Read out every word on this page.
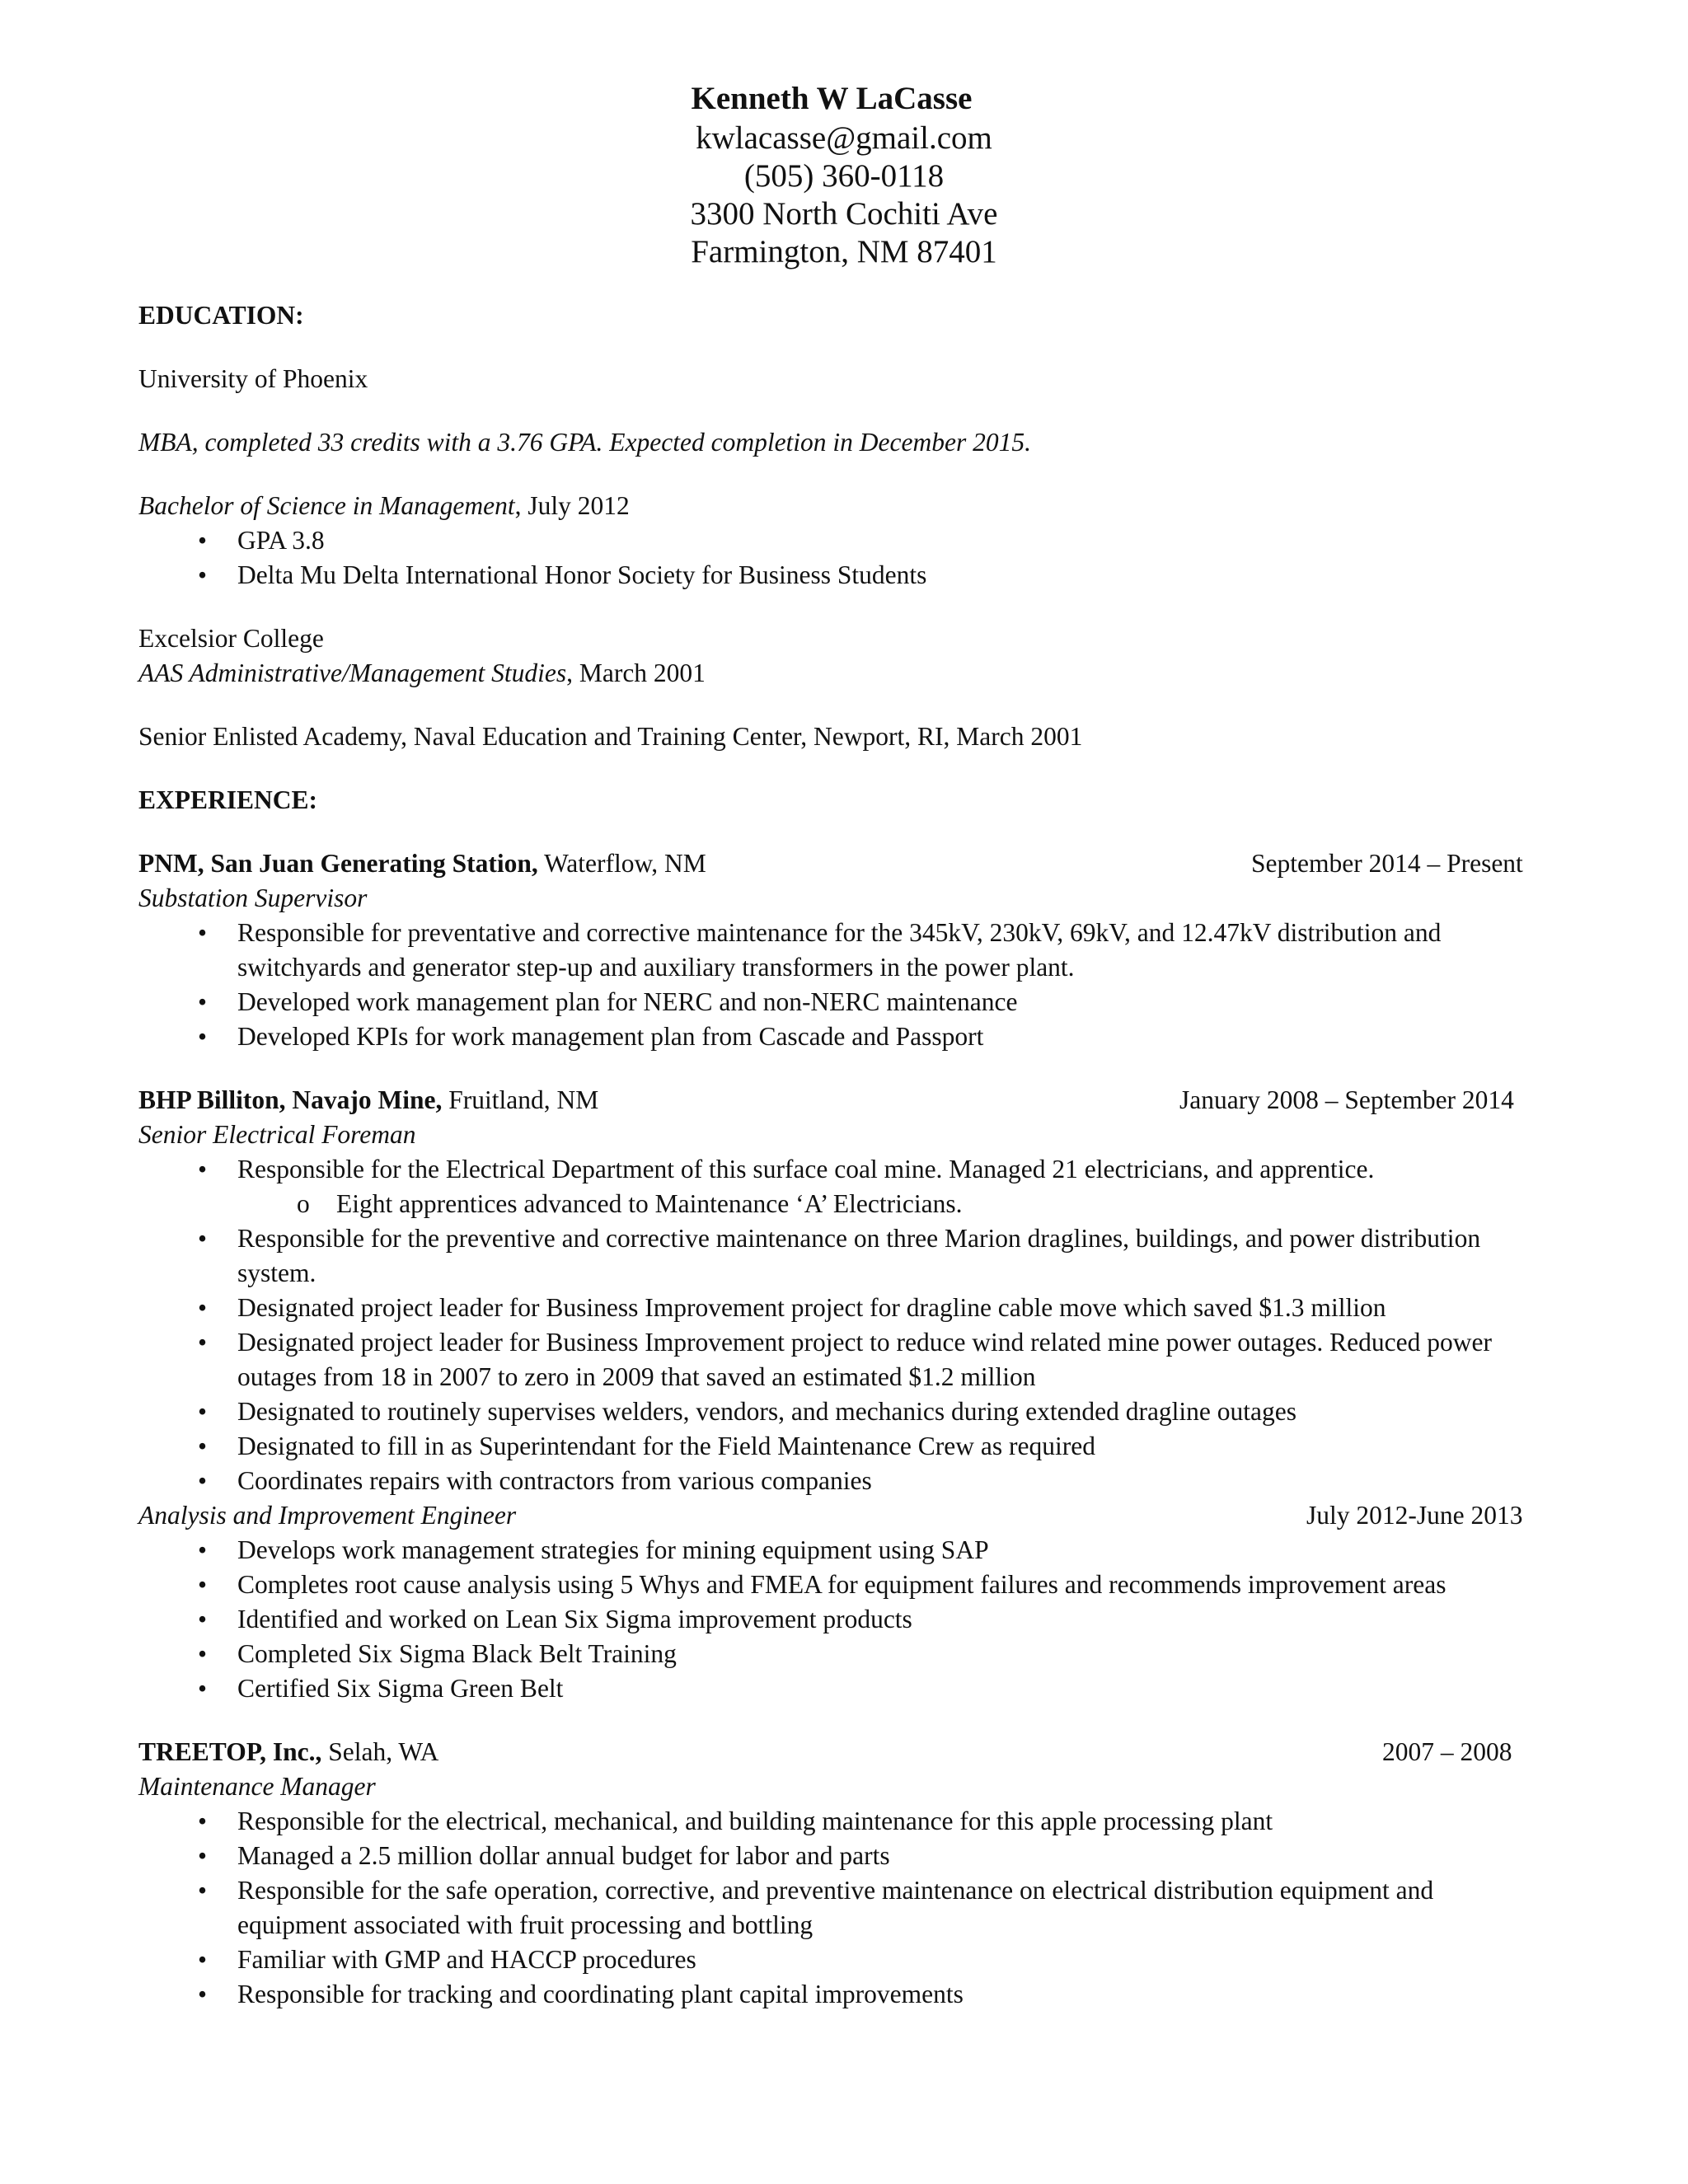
Kenneth W LaCasse
kwlacasse@gmail.com
(505) 360-0118
3300 North Cochiti Ave
Farmington, NM 87401
EDUCATION:
University of Phoenix
MBA, completed 33 credits with a 3.76 GPA. Expected completion in December 2015.
Bachelor of Science in Management, July 2012
• GPA 3.8
• Delta Mu Delta International Honor Society for Business Students
Excelsior College
AAS Administrative/Management Studies, March 2001
Senior Enlisted Academy, Naval Education and Training Center, Newport, RI, March 2001
EXPERIENCE:
PNM, San Juan Generating Station, Waterflow, NM	September 2014 – Present
Substation Supervisor
• Responsible for preventative and corrective maintenance for the 345kV, 230kV, 69kV, and 12.47kV distribution and switchyards and generator step-up and auxiliary transformers in the power plant.
• Developed work management plan for NERC and non-NERC maintenance
• Developed KPIs for work management plan from Cascade and Passport
BHP Billiton, Navajo Mine, Fruitland, NM	January 2008 – September 2014
Senior Electrical Foreman
• Responsible for the Electrical Department of this surface coal mine. Managed 21 electricians, and apprentice.
o Eight apprentices advanced to Maintenance ‘A’ Electricians.
• Responsible for the preventive and corrective maintenance on three Marion draglines, buildings, and power distribution system.
• Designated project leader for Business Improvement project for dragline cable move which saved $1.3 million
• Designated project leader for Business Improvement project to reduce wind related mine power outages. Reduced power outages from 18 in 2007 to zero in 2009 that saved an estimated $1.2 million
• Designated to routinely supervises welders, vendors, and mechanics during extended dragline outages
• Designated to fill in as Superintendant for the Field Maintenance Crew as required
• Coordinates repairs with contractors from various companies
Analysis and Improvement Engineer	July 2012-June 2013
• Develops work management strategies for mining equipment using SAP
• Completes root cause analysis using 5 Whys and FMEA for equipment failures and recommends improvement areas
• Identified and worked on Lean Six Sigma improvement products
• Completed Six Sigma Black Belt Training
• Certified Six Sigma Green Belt
TREETOP, Inc., Selah, WA	2007 – 2008
Maintenance Manager
• Responsible for the electrical, mechanical, and building maintenance for this apple processing plant
• Managed a 2.5 million dollar annual budget for labor and parts
• Responsible for the safe operation, corrective, and preventive maintenance on electrical distribution equipment and equipment associated with fruit processing and bottling
• Familiar with GMP and HACCP procedures
• Responsible for tracking and coordinating plant capital improvements
